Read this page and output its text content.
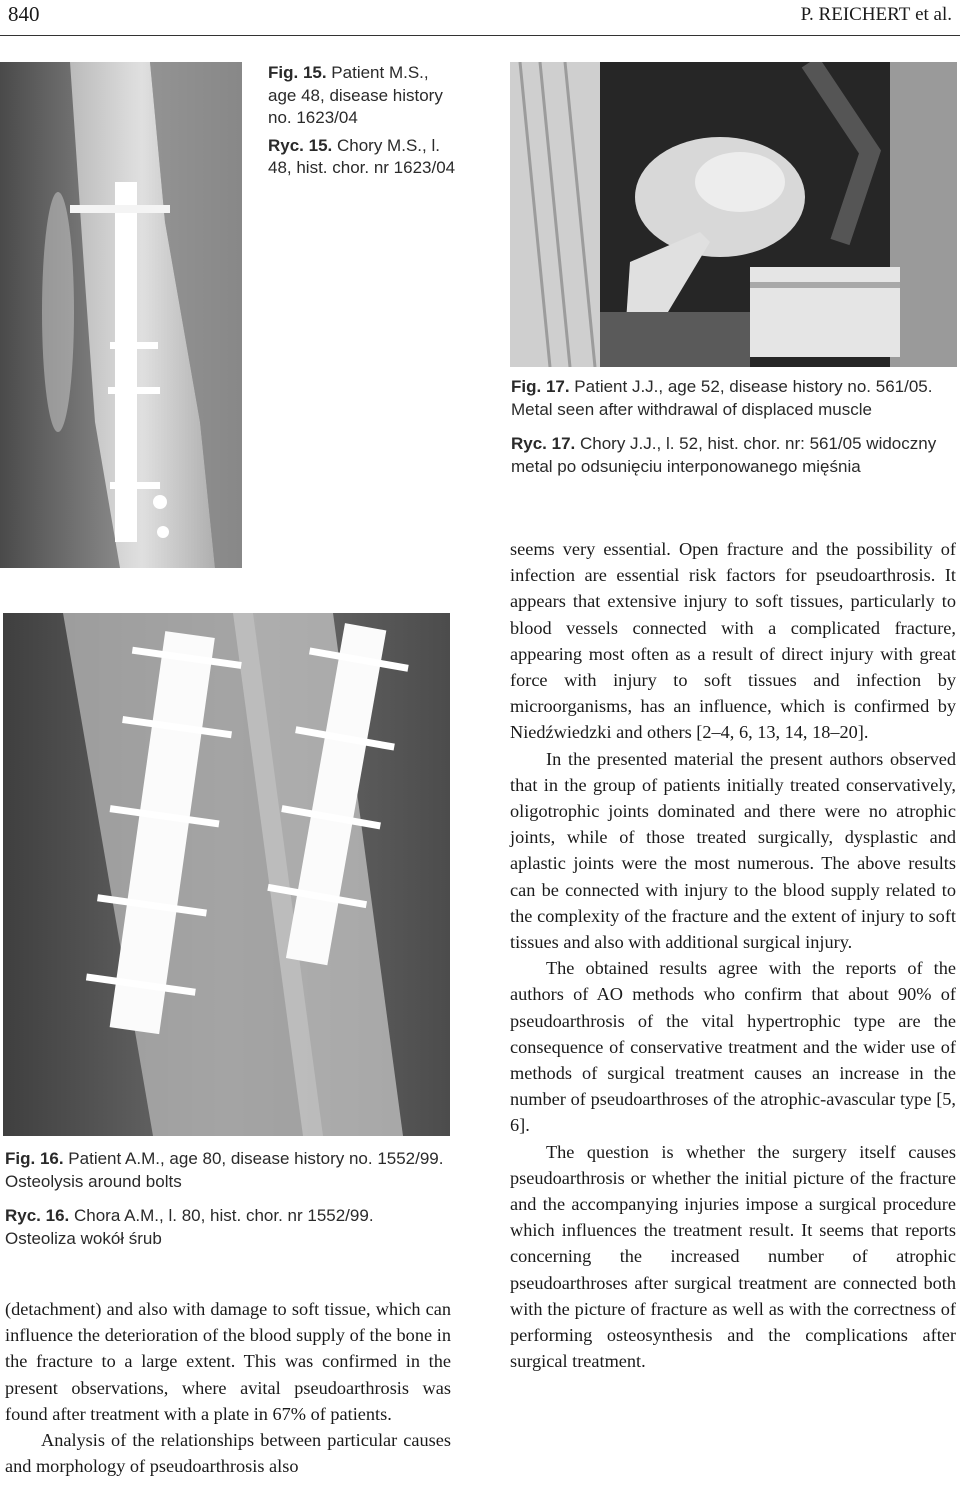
840	P. REICHERT et al.

Fig. 15. Patient M.S., age 48, disease history no. 1623/04

Ryc. 15. Chory M.S., l. 48, hist. chor. nr 1623/04

Fig. 17. Patient J.J., age 52, disease history no. 561/05. Metal seen after withdrawal of displaced muscle

Ryc. 17. Chory J.J., l. 52, hist. chor. nr: 561/05 widoczny metal po odsunięciu interponowanego mięśnia

Fig. 16. Patient A.M., age 80, disease history no. 1552/99. Osteolysis around bolts

Ryc. 16. Chora A.M., l. 80, hist. chor. nr 1552/99. Osteoliza wokół śrub

(detachment) and also with damage to soft tissue, which can influence the deterioration of the blood supply of the bone in the fracture to a large extent. This was confirmed in the present observations, where avital pseudoarthrosis was found after treatment with a plate in 67% of patients.

Analysis of the relationships between particular causes and morphology of pseudoarthrosis also

seems very essential. Open fracture and the possibility of infection are essential risk factors for pseudoarthrosis. It appears that extensive injury to soft tissues, particularly to blood vessels connected with a complicated fracture, appearing most often as a result of direct injury with great force with injury to soft tissues and infection by microorganisms, has an influence, which is confirmed by Niedźwiedzki and others [2–4, 6, 13, 14, 18–20].

In the presented material the present authors observed that in the group of patients initially treated conservatively, oligotrophic joints dominated and there were no atrophic joints, while of those treated surgically, dysplastic and aplastic joints were the most numerous. The above results can be connected with injury to the blood supply related to the complexity of the fracture and the extent of injury to soft tissues and also with additional surgical injury.

The obtained results agree with the reports of the authors of AO methods who confirm that about 90% of pseudoarthrosis of the vital hypertrophic type are the consequence of conservative treatment and the wider use of methods of surgical treatment causes an increase in the number of pseudoarthroses of the atrophic-avascular type [5, 6].

The question is whether the surgery itself causes pseudoarthrosis or whether the initial picture of the fracture and the accompanying injuries impose a surgical procedure which influences the treatment result. It seems that reports concerning the increased number of atrophic pseudoarthroses after surgical treatment are connected both with the picture of fracture as well as with the correctness of performing osteosynthesis and the complications after surgical treatment.
